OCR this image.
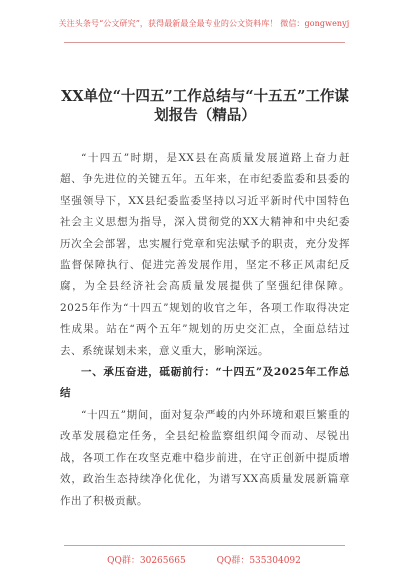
关注头条号“公文研究”，获得最新最全最专业的公文资料库！ 微信：gongwenyj
XX单位“十四五”工作总结与“十五五”工作谋划报告（精品）

“十四五”时期，是XX县在高质量发展道路上奋力赶超、争先进位的关键五年。五年来，在市纪委监委和县委的坚强领导下，XX县纪委监委坚持以习近平新时代中国特色社会主义思想为指导，深入贯彻党的XX大精神和中央纪委历次全会部署，忠实履行党章和宪法赋予的职责，充分发挥监督保障执行、促进完善发展作用，坚定不移正风肃纪反腐，为全县经济社会高质量发展提供了坚强纪律保障。2025年作为“十四五”规划的收官之年，各项工作取得决定性成果。站在“两个五年”规划的历史交汇点，全面总结过去、系统谋划未来，意义重大，影响深远。

一、承压奋进，砥砺前行：“十四五”及2025年工作总结

“十四五”期间，面对复杂严峻的内外环境和艰巨繁重的改革发展稳定任务，全县纪检监察组织闻令而动、尽锐出战，各项工作在攻坚克难中稳步前进，在守正创新中提质增效，政治生态持续净化优化，为谱写XX高质量发展新篇章作出了积极贡献。

QQ群：30265665	QQ群：535304092
